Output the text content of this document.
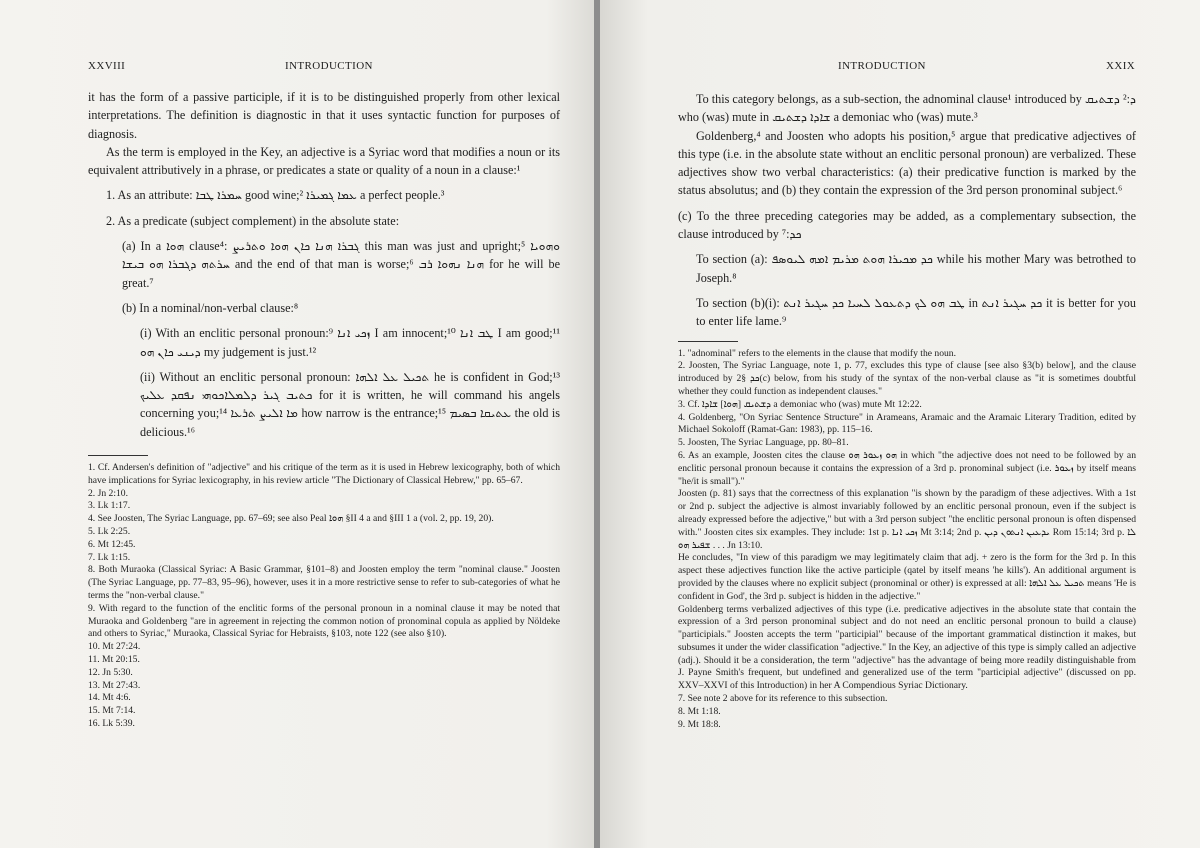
XXVIII	INTRODUCTION

it has the form of a passive participle, if it is to be distinguished properly from other lexical interpretations. The definition is diagnostic in that it uses syntactic function for purposes of diagnosis.

As the term is employed in the Key, an adjective is a Syriac word that modifies a noun or its equivalent attributively in a phrase, or predicates a state or quality of a noun in a clause:¹

1. As an attribute: ܚܡܪܐ ܛܒܐ good wine;² ܥܡܐ ܓܡܝܪܐ a perfect people.³

2. As a predicate (subject complement) in the absolute state:

(a) In a ܗܘܐ clause⁴: ܓܒܪܐ ܗܢܐ ܟܐܢ ܗܘܐ ܘܬܪܝܨ this man was just and upright;⁵ ܘܗܘܝܐ ܚܪܬܗ ܕܓܒܪܐ ܗܘ ܒܝܫܐ and the end of that man is worse;⁶ ܗܢܐ ܢܗܘܐ ܪܒ for he will be great.⁷

(b) In a nominal/non-verbal clause:⁸

(i) With an enclitic personal pronoun:⁹ ܙܟܝ ܐܢܐ I am innocent;¹⁰ ܛܒ ܐܢܐ I am good;¹¹ ܕܝܢܝ ܟܐܢ ܗܘ my judgement is just.¹²

(ii) Without an enclitic personal pronoun: ܬܟܝܠ ܥܠ ܐܠܗܐ he is confident in God;¹³ ܟܬܝܒ ܓܝܪ ܕܠܡܠܐܟܘܗܝ ܢܦܩܕ ܥܠܝܟ for it is written, he will command his angels concerning you;¹⁴ ܡܐ ܐܠܝܨ ܬܪܥܐ how narrow is the entrance;¹⁵ ܥܬܝܩܐ ܒܣܝܡ the old is delicious.¹⁶

1. Cf. Andersen's definition of "adjective" and his critique of the term as it is used in Hebrew lexicography, both of which have implications for Syriac lexicography, in his review article "The Dictionary of Classical Hebrew," pp. 65–67.

2. Jn 2:10.

3. Lk 1:17.

4. See Joosten, The Syriac Language, pp. 67–69; see also Peal ܗܘܐ §II 4 a and §III 1 a (vol. 2, pp. 19, 20).

5. Lk 2:25.

6. Mt 12:45.

7. Lk 1:15.

8. Both Muraoka (Classical Syriac: A Basic Grammar, §101–8) and Joosten employ the term "nominal clause." Joosten (The Syriac Language, pp. 77–83, 95–96), however, uses it in a more restrictive sense to refer to sub-categories of what he terms the "non-verbal clause."

9. With regard to the function of the enclitic forms of the personal pronoun in a nominal clause it may be noted that Muraoka and Goldenberg "are in agreement in rejecting the common notion of pronominal copula as applied by Nöldeke and others to Syriac," Muraoka, Classical Syriac for Hebraists, §103, note 122 (see also §10).

10. Mt 27:24.

11. Mt 20:15.

12. Jn 5:30.

13. Mt 27:43.

14. Mt 4:6.

15. Mt 7:14.

16. Lk 5:39.

INTRODUCTION	XXIX

To this category belongs, as a sub-section, the adnominal clause¹ introduced by ܕ:² ܕܫܬܝܩ who (was) mute in ܫܐܕܐ ܕܫܬܝܩ a demoniac who (was) mute.³

Goldenberg,⁴ and Joosten who adopts his position,⁵ argue that predicative adjectives of this type (i.e. in the absolute state without an enclitic personal pronoun) are verbalized. These adjectives show two verbal characteristics: (a) their predicative function is marked by the status absolutus; and (b) they contain the expression of the 3rd person pronominal subject.⁶

(c) To the three preceding categories may be added, as a complementary subsection, the clause introduced by ܟܕ:⁷

To section (a): ܟܕ ܡܟܝܪܐ ܗܘܬ ܡܪܝܡ ܐܡܗ ܠܝܘܣܦ while his mother Mary was betrothed to Joseph.⁸

To section (b)(i): ܛܒ ܗܘ ܠܟ ܕܬܥܘܠ ܠܚܝܐ ܟܕ ܚܓܝܪ ܐܢܬ in ܟܕ ܚܓܝܪ ܐܢܬ it is better for you to enter life lame.⁹

1. "adnominal" refers to the elements in the clause that modify the noun.

2. Joosten, The Syriac Language, note 1, p. 77, excludes this type of clause [see also §3(b) below], and the clause introduced by ܟܕ §2(c) below, from his study of the syntax of the non-verbal clause as "it is sometimes doubtful whether they could function as independent clauses."

3. Cf. ܕܫܬܝܩ [ܗܘܐ] ܫܐܕܐ a demoniac who (was) mute Mt 12:22.

4. Goldenberg, "On Syriac Sentence Structure" in Arameans, Aramaic and the Aramaic Literary Tradition, edited by Michael Sokoloff (Ramat-Gan: 1983), pp. 115–16.

5. Joosten, The Syriac Language, pp. 80–81.

6. As an example, Joosten cites the clause ܗܘ ܙܥܘܪ ܗܘ in which "the adjective does not need to be followed by an enclitic personal pronoun because it contains the expression of a 3rd p. pronominal subject (i.e. ܙܥܘܪ by itself means "he/it is small")."

Joosten (p. 81) says that the correctness of this explanation "is shown by the paradigm of these adjectives. With a 1st or 2nd p. subject the adjective is almost invariably followed by an enclitic personal pronoun, even if the subject is already expressed before the adjective," but with a 3rd person subject "the enclitic personal pronoun is often dispensed with." Joosten cites six examples. They include: 1st p. ܙܟܝ ܐܢܐ Mt 3:14; 2nd p. ܝܕܥܝܢ ܐܢܬܘܢ ܕܝܢ Rom 15:14; 3rd p. ܠܐ ܫܦܝܪ ܗܘ . . . Jn 13:10.

He concludes, "In view of this paradigm we may legitimately claim that adj. + zero is the form for the 3rd p. In this aspect these adjectives function like the active participle (qatel by itself means 'he kills'). An additional argument is provided by the clauses where no explicit subject (pronominal or other) is expressed at all: ܬܟܝܠ ܥܠ ܐܠܗܐ means 'He is confident in God', the 3rd p. subject is hidden in the adjective."

Goldenberg terms verbalized adjectives of this type (i.e. predicative adjectives in the absolute state that contain the expression of a 3rd person pronominal subject and do not need an enclitic personal pronoun to build a clause) "participials." Joosten accepts the term "participial" because of the important grammatical distinction it makes, but subsumes it under the wider classification "adjective." In the Key, an adjective of this type is simply called an adjective (adj.). Should it be a consideration, the term "adjective" has the advantage of being more readily distinguishable from J. Payne Smith's frequent, but undefined and generalized use of the term "participial adjective" (discussed on pp. XXV–XXVI of this Introduction) in her A Compendious Syriac Dictionary.

7. See note 2 above for its reference to this subsection.

8. Mt 1:18.

9. Mt 18:8.
